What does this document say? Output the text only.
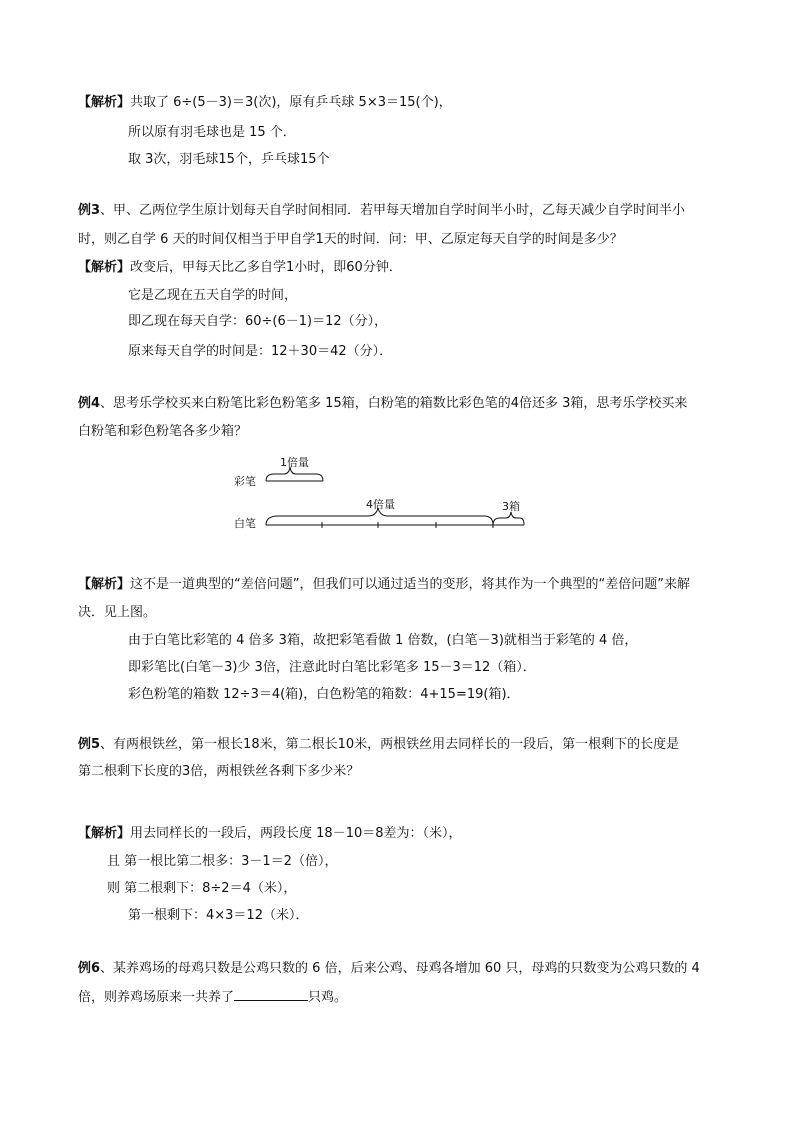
【解析】共取了 6÷(5－3)＝3(次)，原有乒乓球 5×3＝15(个)，
所以原有羽毛球也是 15 个．
取 3次，羽毛球15个，乒乓球15个
例3、甲、乙两位学生原计划每天自学时间相同．若甲每天增加自学时间半小时，乙每天减少自学时间半小
时，则乙自学 6 天的时间仅相当于甲自学1天的时间．问：甲、乙原定每天自学的时间是多少？
【解析】改变后，甲每天比乙多自学1小时，即60分钟．
它是乙现在五天自学的时间，
即乙现在每天自学：60÷(6－1)＝12（分），
原来每天自学的时间是：12＋30＝42（分）．
例4、思考乐学校买来白粉笔比彩色粉笔多 15箱，白粉笔的箱数比彩色笔的4倍还多 3箱，思考乐学校买来
白粉笔和彩色粉笔各多少箱？
彩笔
1倍量
白笔
4倍量	3箱
【解析】这不是一道典型的“差倍问题”，但我们可以通过适当的变形，将其作为一个典型的“差倍问题”来解
决．见上图。
由于白笔比彩笔的 4 倍多 3箱，故把彩笔看做 1 倍数，(白笔－3)就相当于彩笔的 4 倍，
即彩笔比(白笔－3)少 3倍，注意此时白笔比彩笔多 15－3＝12（箱）．
彩色粉笔的箱数 12÷3＝4(箱)，白色粉笔的箱数：4+15=19(箱)．
例5、有两根铁丝，第一根长18米，第二根长10米，两根铁丝用去同样长的一段后，第一根剩下的长度是
第二根剩下长度的3倍，两根铁丝各剩下多少米？
【解析】用去同样长的一段后，两段长度 18－10＝8差为：（米），
且 第一根比第二根多：3－1＝2（倍），
则 第二根剩下：8÷2＝4（米），
第一根剩下：4×3＝12（米）．
例6、某养鸡场的母鸡只数是公鸡只数的 6 倍，后来公鸡、母鸡各增加 60 只，母鸡的只数变为公鸡只数的 4
倍，则养鸡场原来一共养了	只鸡。
